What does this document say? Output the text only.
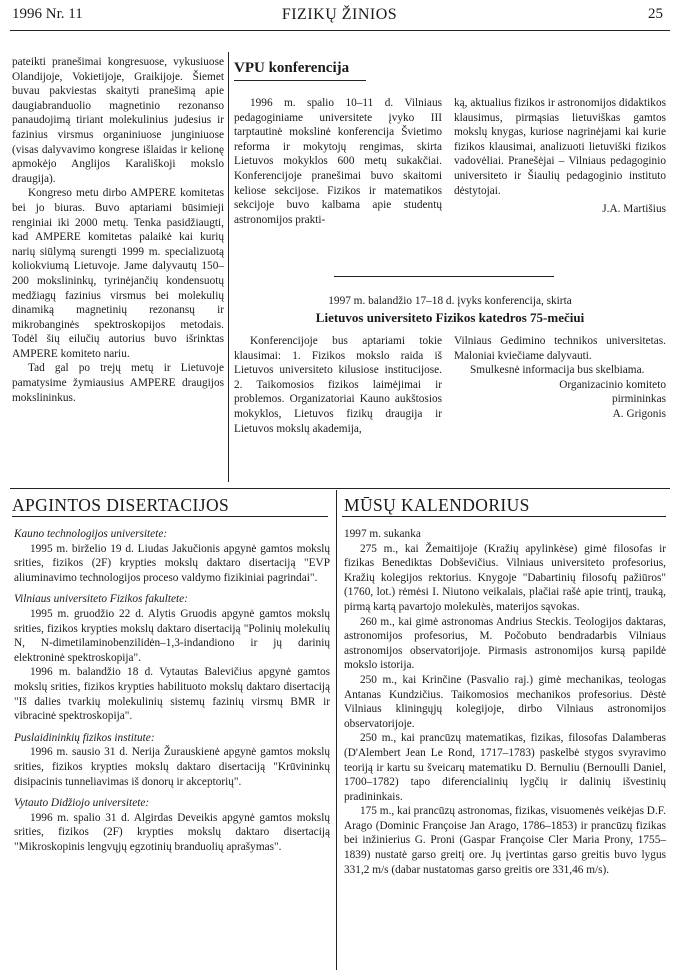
1996 Nr. 11	FIZIKŲ ŽINIOS	25

pateikti pranešimai kongresuose, vykusiuose Olandijoje, Vokietijoje, Graikijoje. Šiemet buvau pakviestas skaityti pranešimą apie daugiabranduolio magnetinio rezonanso panaudojimą tiriant molekulinius judesius ir fazinius virsmus organiniuose junginiuose (visas dalyvavimo kongrese išlaidas ir kelionę apmokėjo Anglijos Karališkoji mokslo draugija).

Kongreso metu dirbo AMPERE komitetas bei jo biuras. Buvo aptariami būsimieji renginiai iki 2000 metų. Tenka pasidžiaugti, kad AMPERE komitetas palaikė kai kurių narių siūlymą surengti 1999 m. specializuotą koliokviumą Lietuvoje. Jame dalyvautų 150–200 mokslininkų, tyrinėjančių kondensuotų medžiagų fazinius virsmus bei molekulių dinamiką magnetinių rezonansų ir mikrobanginės spektroskopijos metodais. Todėl šių eilučių autorius buvo išrinktas AMPERE komiteto nariu.

Tad gal po trejų metų ir Lietuvoje pamatysime žymiausius AMPERE draugijos mokslininkus.

VPU konferencija

1996 m. spalio 10–11 d. Vilniaus pedagoginiame universitete įvyko III tarptautinė mokslinė konferencija Švietimo reforma ir mokytojų rengimas, skirta Lietuvos mokyklos 600 metų sukakčiai. Konferencijoje pranešimai buvo skaitomi keliose sekcijose. Fizikos ir matematikos sekcijoje buvo kalbama apie studentų astronomijos prakti-

ką, aktualius fizikos ir astronomijos didaktikos klausimus, pirmąsias lietuviškas gamtos mokslų knygas, kuriose nagrinėjami kai kurie fizikos klausimai, analizuoti lietuviški fizikos vadovėliai. Pranešėjai – Vilniaus pedagoginio universiteto ir Šiaulių pedagoginio instituto dėstytojai.

J.A. Martišius
1997 m. balandžio 17–18 d. įvyks konferencija, skirta
Lietuvos universiteto Fizikos katedros 75-mečiui

Konferencijoje bus aptariami tokie klausimai: 1. Fizikos mokslo raida iš Lietuvos universiteto kilusiose institucijose. 2. Taikomosios fizikos laimėjimai ir problemos. Organizatoriai Kauno aukštosios mokyklos, Lietuvos fizikų draugija ir Lietuvos mokslų akademija,

Vilniaus Gedimino technikos universitetas. Maloniai kviečiame dalyvauti.

Smulkesnė informacija bus skelbiama.

Organizacinio komiteto
pirmininkas
A. Grigonis
APGINTOS DISERTACIJOS
Kauno technologijos universitete:

1995 m. birželio 19 d. Liudas Jakučionis apgynė gamtos mokslų srities, fizikos (2F) krypties mokslų daktaro disertaciją "EVP aliuminavimo technologijos proceso valdymo fizikiniai pagrindai".

Vilniaus universiteto Fizikos fakultete:

1995 m. gruodžio 22 d. Alytis Gruodis apgynė gamtos mokslų srities, fizikos krypties mokslų daktaro disertaciją "Polinių molekulių N, N-dimetilaminobenzilidėn–1,3-indandiono ir jų darinių elektroninė spektroskopija".

1996 m. balandžio 18 d. Vytautas Balevičius apgynė gamtos mokslų srities, fizikos krypties habilituoto mokslų daktaro disertaciją "Iš dalies tvarkių molekulinių sistemų fazinių virsmų BMR ir vibracinė spektroskopija".

Puslaidininkių fizikos institute:

1996 m. sausio 31 d. Nerija Žurauskienė apgynė gamtos mokslų srities, fizikos krypties mokslų daktaro disertaciją "Krūvininkų disipacinis tunneliavimas iš donorų ir akceptorių".

Vytauto Didžiojo universitete:

1996 m. spalio 31 d. Algirdas Deveikis apgynė gamtos mokslų srities, fizikos (2F) krypties mokslų daktaro disertaciją "Mikroskopinis lengvųjų egzotinių branduolių aprašymas".

MŪSŲ KALENDORIUS

1997 m. sukanka

275 m., kai Žemaitijoje (Kražių apylinkėse) gimė filosofas ir fizikas Benediktas Dobševičius. Vilniaus universiteto profesorius, Kražių kolegijos rektorius. Knygoje "Dabartinių filosofų pažiūros" (1760, lot.) rėmėsi I. Niutono veikalais, plačiai rašė apie trintį, trauką, pirmą kartą pavartojo molekulės, materijos sąvokas.

260 m., kai gimė astronomas Andrius Steckis. Teologijos daktaras, astronomijos profesorius, M. Počobuto bendradarbis Vilniaus astronomijos observatorijoje. Pirmasis astronomijos kursą papildė mokslo istorija.

250 m., kai Krinčine (Pasvalio raj.) gimė mechanikas, teologas Antanas Kundzičius. Taikomosios mechanikos profesorius. Dėstė Vilniaus kliningųjų kolegijoje, dirbo Vilniaus astronomijos observatorijoje.

250 m., kai prancūzų matematikas, fizikas, filosofas Dalamberas (D'Alembert Jean Le Rond, 1717–1783) paskelbė stygos svyravimo teoriją ir kartu su šveicarų matematiku D. Bernuliu (Bernoulli Daniel, 1700–1782) tapo diferencialinių lygčių ir dalinių išvestinių pradininkais.

175 m., kai prancūzų astronomas, fizikas, visuomenės veikėjas D.F. Arago (Dominic Françoise Jan Arago, 1786–1853) ir prancūzų fizikas bei inžinierius G. Proni (Gaspar Françoise Cler Maria Prony, 1755–1839) nustatė garso greitį ore. Jų įvertintas garso greitis buvo lygus 331,2 m/s (dabar nustatomas garso greitis ore 331,46 m/s).
